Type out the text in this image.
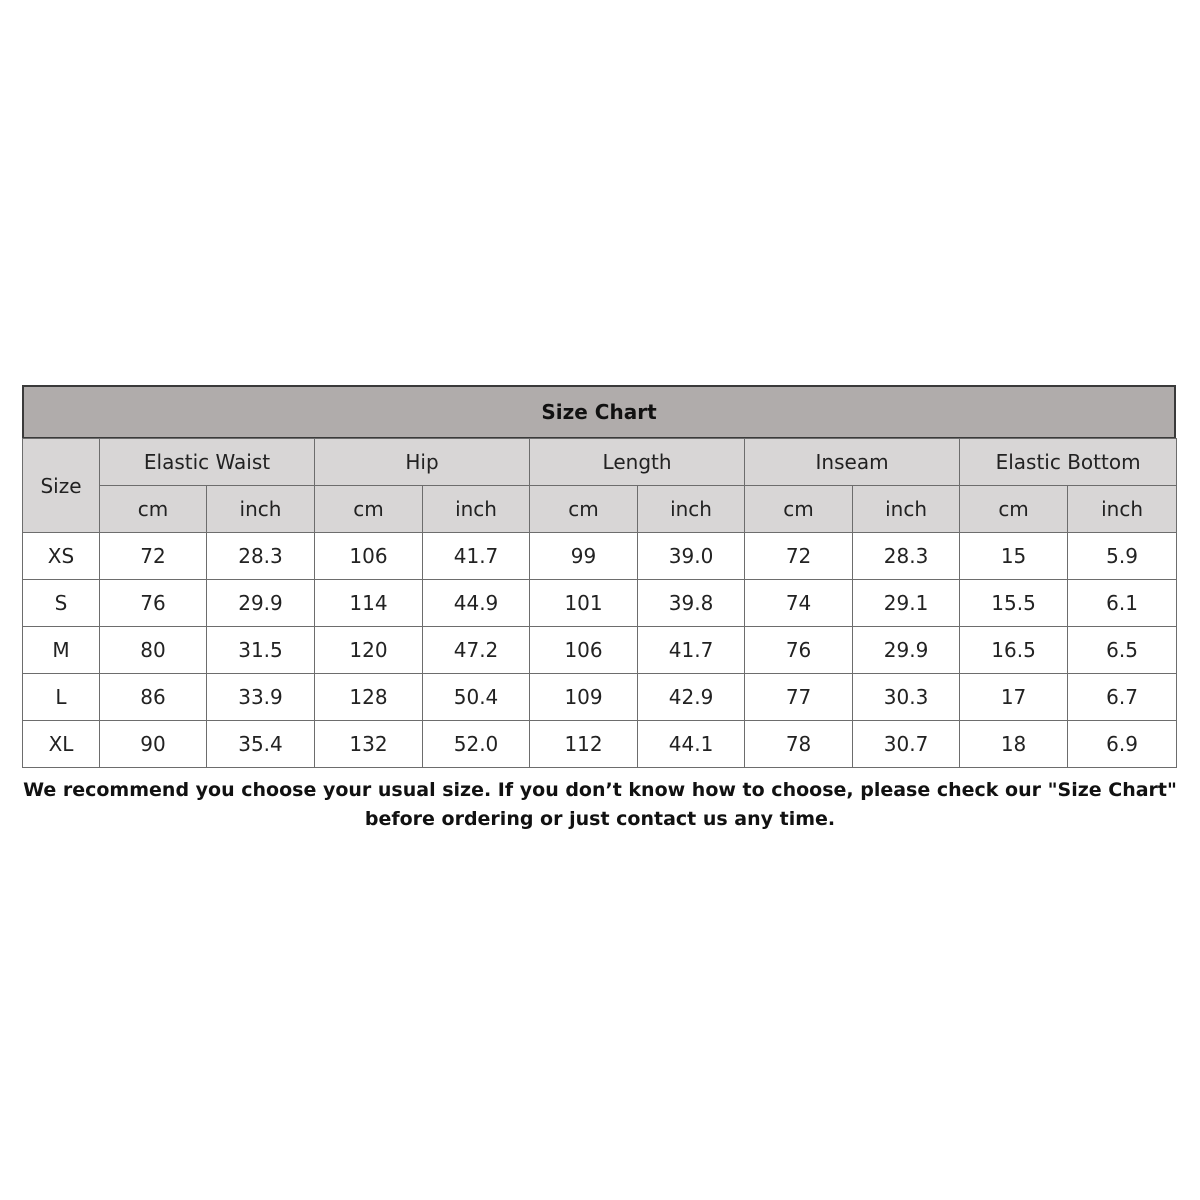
Size Chart
Size	Elastic Waist		Hip		Length		Inseam		Elastic Bottom	
	cm	inch	cm	inch	cm	inch	cm	inch	cm	inch
XS	72	28.3	106	41.7	99	39.0	72	28.3	15	5.9
S	76	29.9	114	44.9	101	39.8	74	29.1	15.5	6.1
M	80	31.5	120	47.2	106	41.7	76	29.9	16.5	6.5
L	86	33.9	128	50.4	109	42.9	77	30.3	17	6.7
XL	90	35.4	132	52.0	112	44.1	78	30.7	18	6.9
We recommend you choose your usual size. If you don’t know how to choose, please check our "Size Chart"
before ordering or just contact us any time.
